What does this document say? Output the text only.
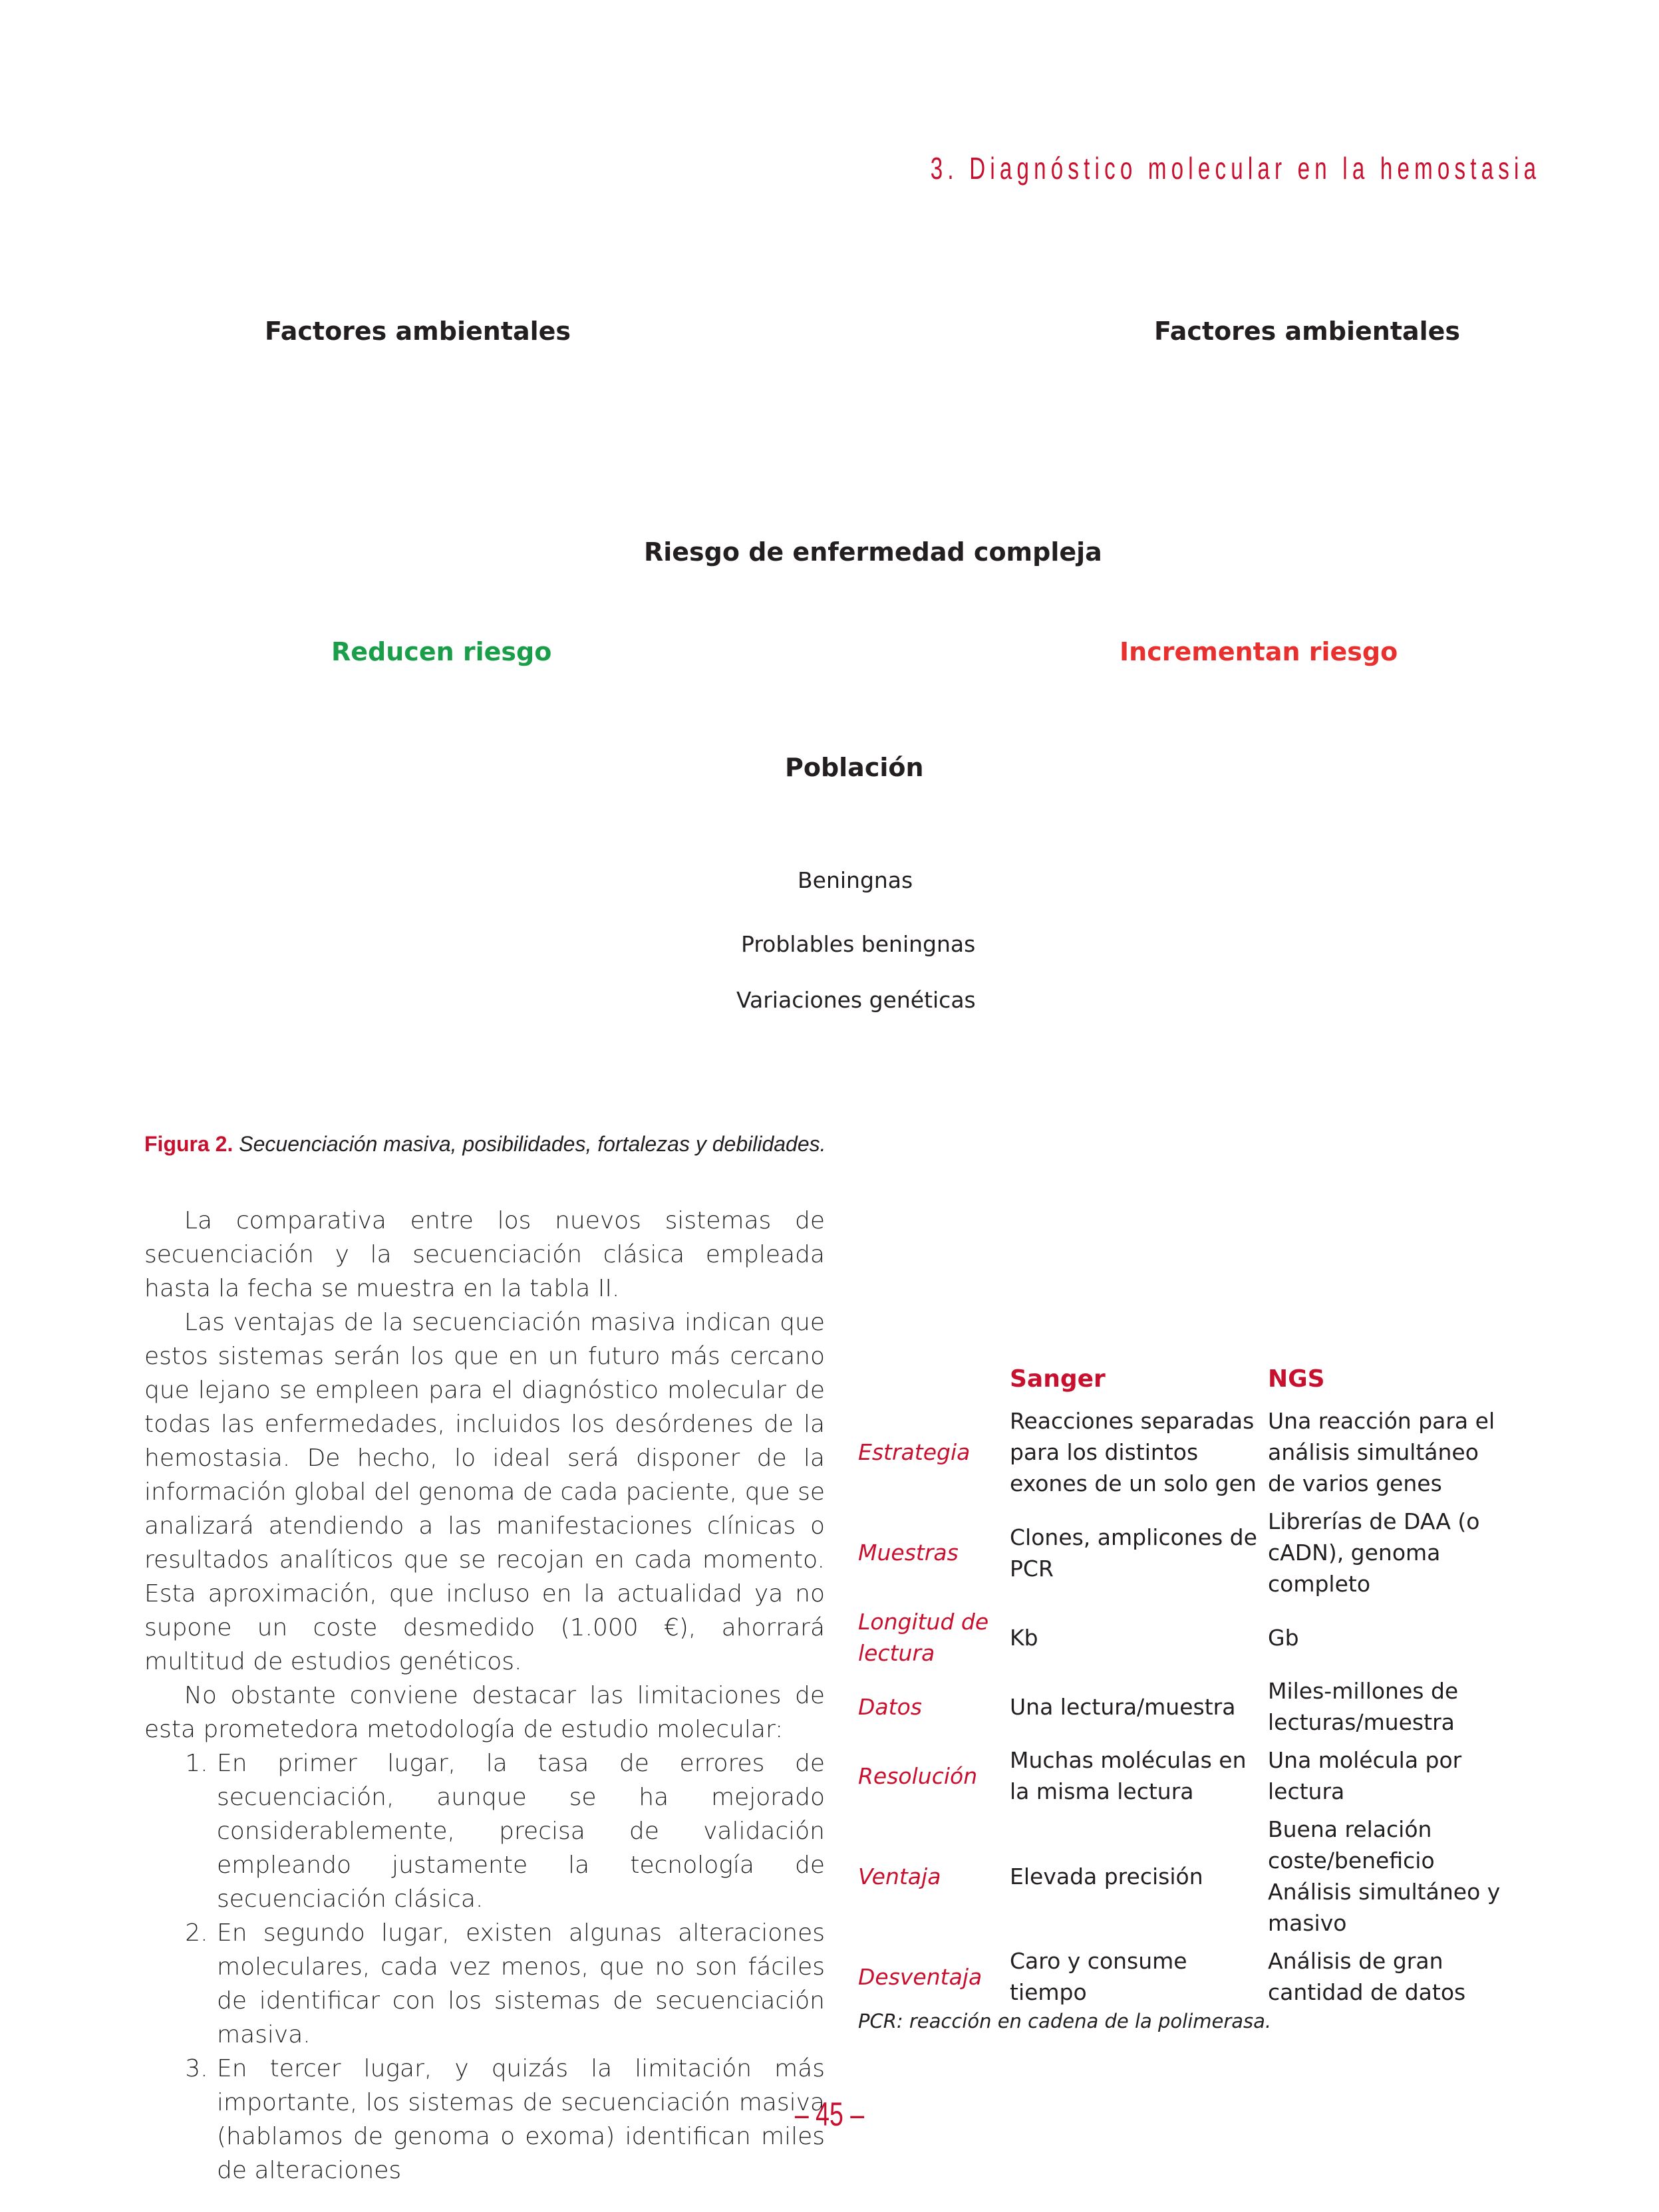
3. Diagnóstico molecular en la hemostasia
Factores ambientales	Factores ambientales
Riesgo de enfermedad compleja
Reducen riesgo	Incrementan riesgo
Población
Beningnas
Problables beningnas
Variaciones genéticas
Figura 2. Secuenciación masiva, posibilidades, fortalezas y debilidades.

La comparativa entre los nuevos sistemas de secuenciación y la secuenciación clásica empleada hasta la fecha se muestra en la tabla II.

Las ventajas de la secuenciación masiva indican que estos sistemas serán los que en un futuro más cercano que lejano se empleen para el diagnóstico molecular de todas las enfermedades, incluidos los desórdenes de la hemostasia. De hecho, lo ideal será disponer de la información global del genoma de cada paciente, que se analizará atendiendo a las manifestaciones clínicas o resultados analíticos que se recojan en cada momento. Esta aproximación, que incluso en la actualidad ya no supone un coste desmedido (1.000 €), ahorrará multitud de estudios genéticos.

No obstante conviene destacar las limitaciones de esta prometedora metodología de estudio molecular:

1. En primer lugar, la tasa de errores de secuenciación, aunque se ha mejorado considerablemente, precisa de validación empleando justamente la tecnología de secuenciación clásica.
2. En segundo lugar, existen algunas alteraciones moleculares, cada vez menos, que no son fáciles de identificar con los sistemas de secuenciación masiva.
3. En tercer lugar, y quizás la limitación más importante, los sistemas de secuenciación masiva (hablamos de genoma o exoma) identifican miles de alteraciones
	Sanger	NGS
Estrategia	Reacciones separadas para los distintos exones de un solo gen	Una reacción para el análisis simultáneo de varios genes
Muestras	Clones, amplicones de PCR	Librerías de DAA (o cADN), genoma completo
Longitud de lectura	Kb	Gb
Datos	Una lectura/muestra	Miles-millones de lecturas/muestra
Resolución	Muchas moléculas en la misma lectura	Una molécula por lectura
Ventaja	Elevada precisión	Buena relación coste/beneficio Análisis simultáneo y masivo
Desventaja	Caro y consume tiempo	Análisis de gran cantidad de datos
PCR: reacción en cadena de la polimerasa.
– 45 –
